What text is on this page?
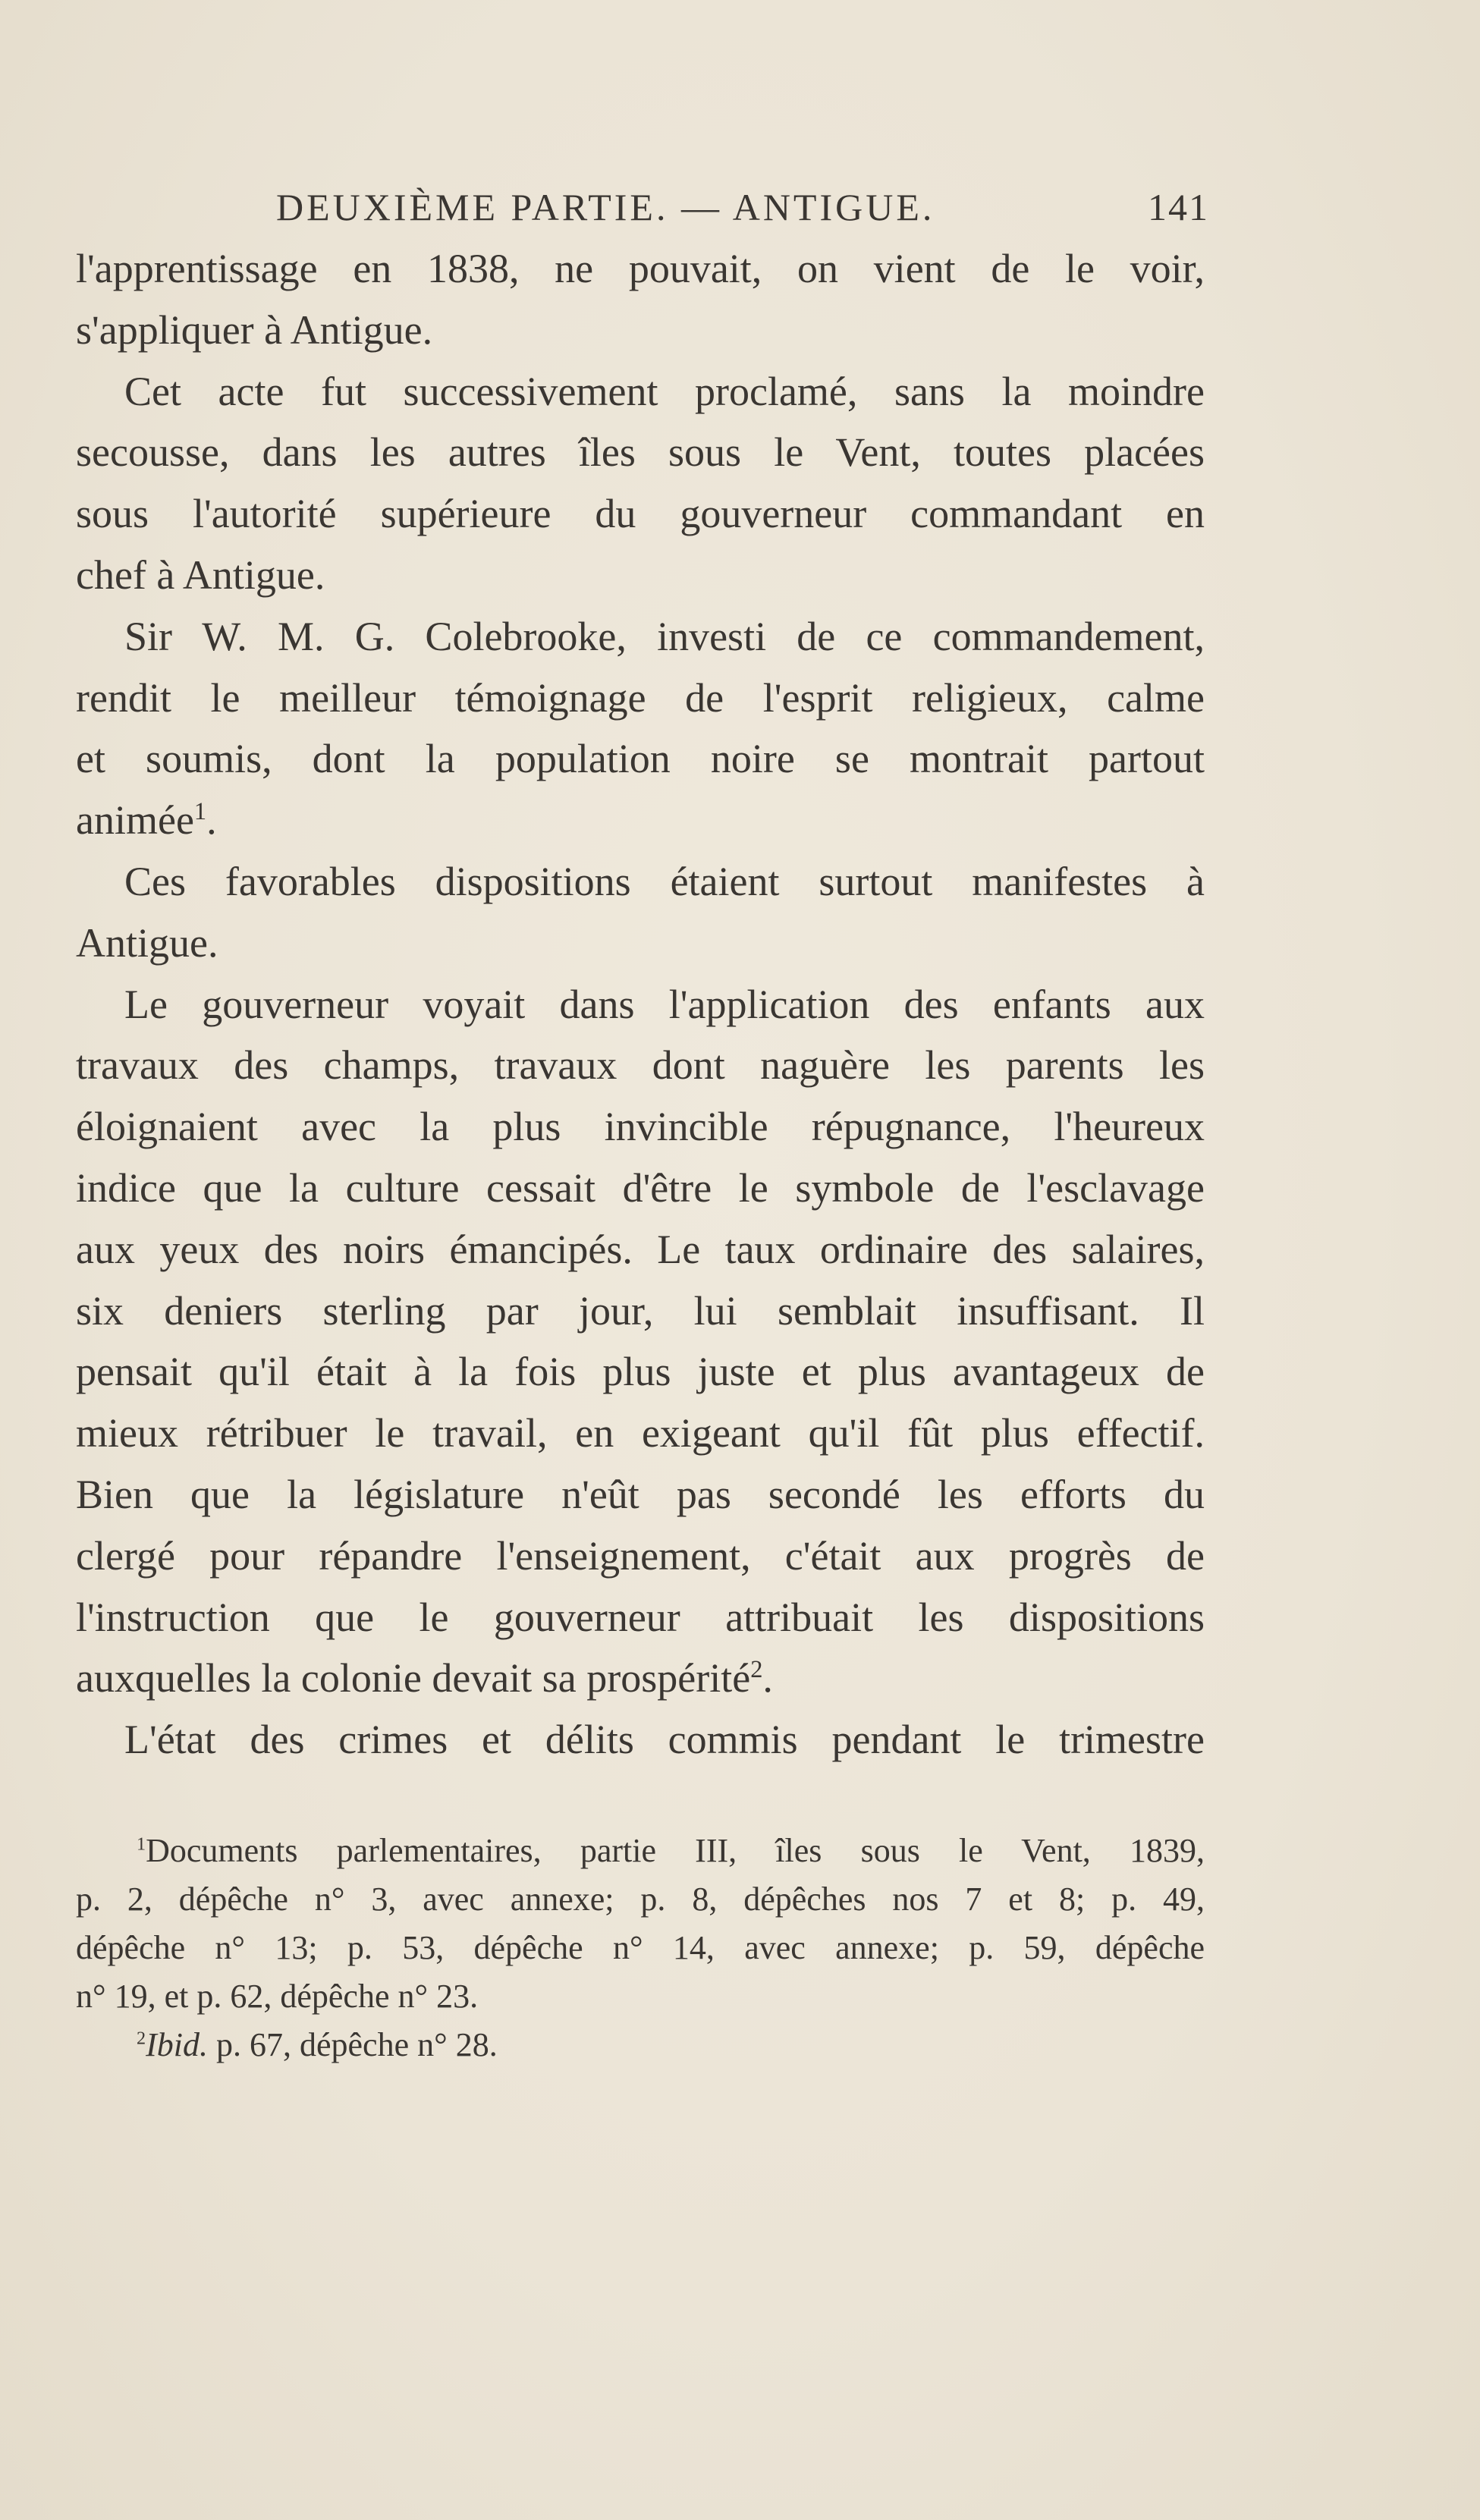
DEUXIÈME PARTIE. — ANTIGUE.	141
l'apprentissage en 1838, ne pouvait, on vient de le voir,
s'appliquer à Antigue.
Cet acte fut successivement proclamé, sans la moindre
secousse, dans les autres îles sous le Vent, toutes placées
sous l'autorité supérieure du gouverneur commandant en
chef à Antigue.
Sir W. M. G. Colebrooke, investi de ce commandement,
rendit le meilleur témoignage de l'esprit religieux, calme
et soumis, dont la population noire se montrait partout
animée$^1$.
Ces favorables dispositions étaient surtout manifestes à
Antigue.
Le gouverneur voyait dans l'application des enfants aux
travaux des champs, travaux dont naguère les parents les
éloignaient avec la plus invincible répugnance, l'heureux
indice que la culture cessait d'être le symbole de l'esclavage
aux yeux des noirs émancipés. Le taux ordinaire des salaires,
six deniers sterling par jour, lui semblait insuffisant. Il
pensait qu'il était à la fois plus juste et plus avantageux de
mieux rétribuer le travail, en exigeant qu'il fût plus effectif.
Bien que la législature n'eût pas secondé les efforts du
clergé pour répandre l'enseignement, c'était aux progrès de
l'instruction que le gouverneur attribuait les dispositions
auxquelles la colonie devait sa prospérité$^2$.
L'état des crimes et délits commis pendant le trimestre
$^1$Documents parlementaires, partie III, îles sous le Vent, 1839,
p. 2, dépêche n° 3, avec annexe; p. 8, dépêches nos 7 et 8; p. 49,
dépêche n° 13; p. 53, dépêche n° 14, avec annexe; p. 59, dépêche
n° 19, et p. 62, dépêche n° 23.
$^2$Ibid. p. 67, dépêche n° 28.
